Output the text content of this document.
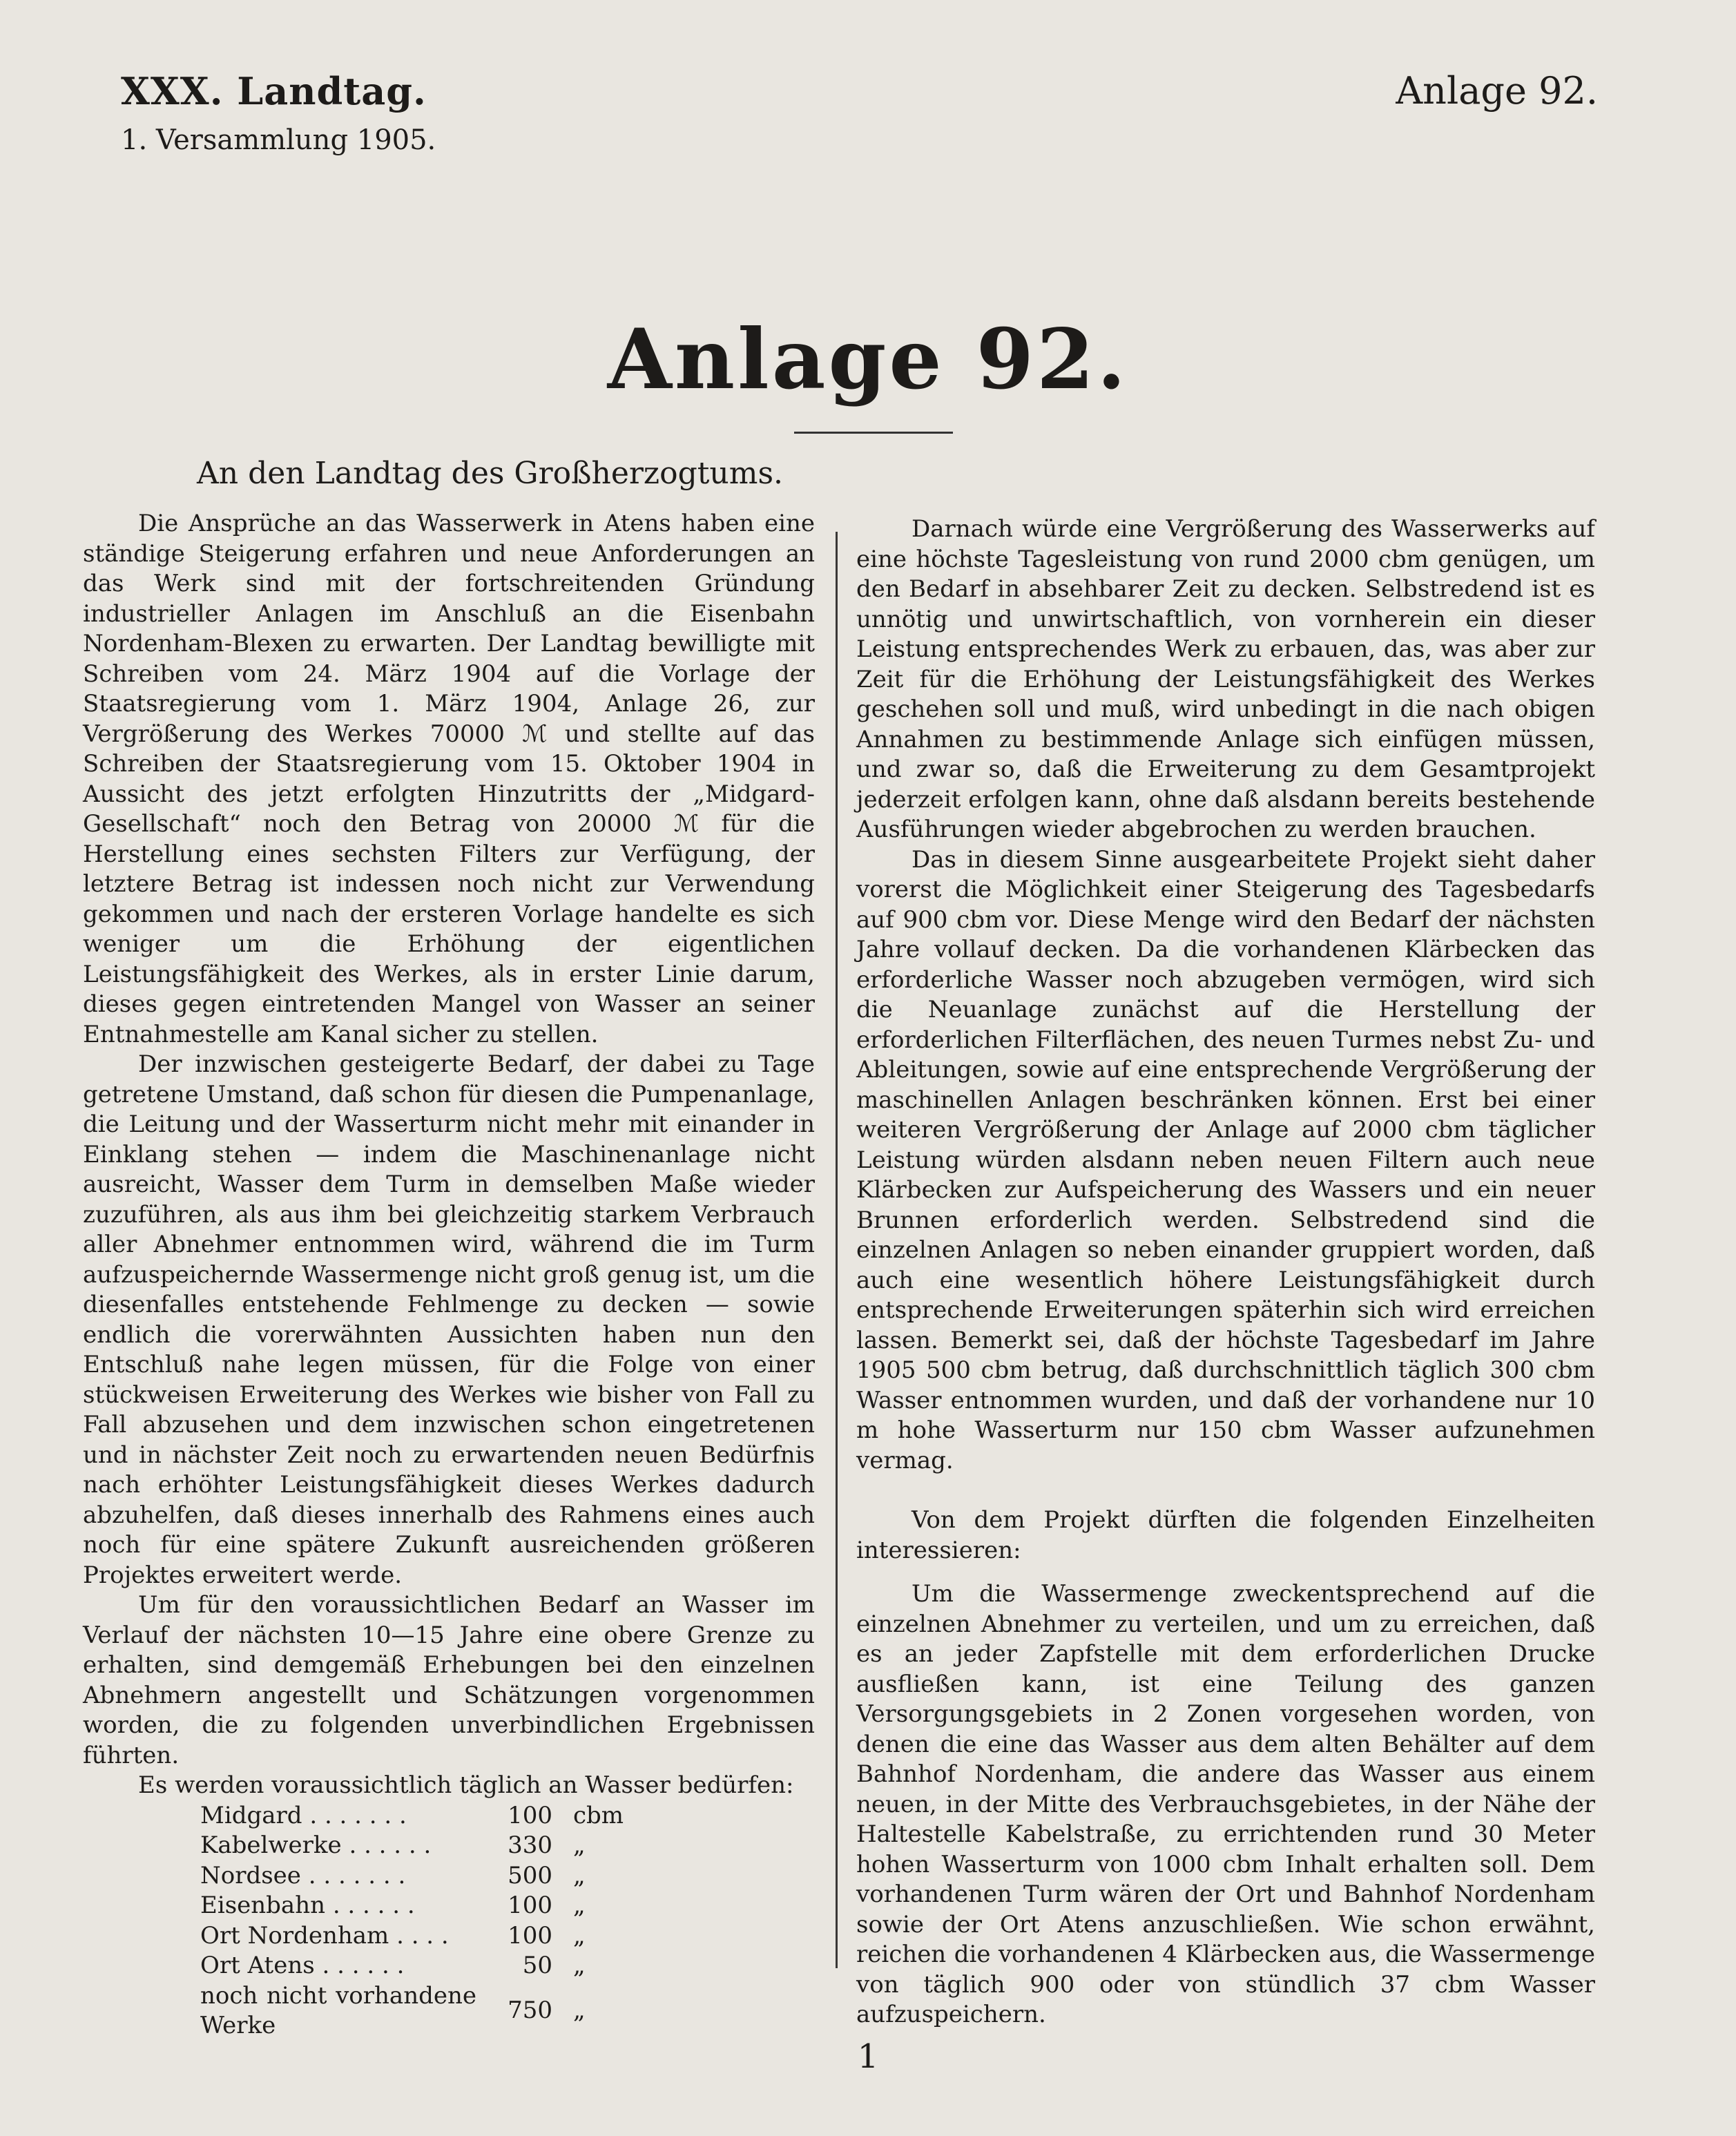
XXX. Landtag.
1. Versammlung 1905.
Anlage 92.
Anlage 92.
An den Landtag des Großherzogtums.

Die Ansprüche an das Wasserwerk in Atens haben eine ständige Steigerung erfahren und neue Anforderungen an das Werk sind mit der fortschreitenden Gründung industrieller Anlagen im Anschluß an die Eisenbahn Nordenham-Blexen zu erwarten. Der Landtag bewilligte mit Schreiben vom 24. März 1904 auf die Vorlage der Staatsregierung vom 1. März 1904, Anlage 26, zur Vergrößerung des Werkes 70000 ℳ und stellte auf das Schreiben der Staatsregierung vom 15. Oktober 1904 in Aussicht des jetzt erfolgten Hinzutritts der „Midgard-Gesellschaft“ noch den Betrag von 20000 ℳ für die Herstellung eines sechsten Filters zur Verfügung, der letztere Betrag ist indessen noch nicht zur Verwendung gekommen und nach der ersteren Vorlage handelte es sich weniger um die Erhöhung der eigentlichen Leistungsfähigkeit des Werkes, als in erster Linie darum, dieses gegen eintretenden Mangel von Wasser an seiner Entnahmestelle am Kanal sicher zu stellen.

Der inzwischen gesteigerte Bedarf, der dabei zu Tage getretene Umstand, daß schon für diesen die Pumpenanlage, die Leitung und der Wasserturm nicht mehr mit einander in Einklang stehen — indem die Maschinenanlage nicht ausreicht, Wasser dem Turm in demselben Maße wieder zuzuführen, als aus ihm bei gleichzeitig starkem Verbrauch aller Abnehmer entnommen wird, während die im Turm aufzuspeichernde Wassermenge nicht groß genug ist, um die diesenfalles entstehende Fehlmenge zu decken — sowie endlich die vorerwähnten Aussichten haben nun den Entschluß nahe legen müssen, für die Folge von einer stückweisen Erweiterung des Werkes wie bisher von Fall zu Fall abzusehen und dem inzwischen schon eingetretenen und in nächster Zeit noch zu erwartenden neuen Bedürfnis nach erhöhter Leistungsfähigkeit dieses Werkes dadurch abzuhelfen, daß dieses innerhalb des Rahmens eines auch noch für eine spätere Zukunft ausreichenden größeren Projektes erweitert werde.

Um für den voraussichtlichen Bedarf an Wasser im Verlauf der nächsten 10—15 Jahre eine obere Grenze zu erhalten, sind demgemäß Erhebungen bei den einzelnen Abnehmern angestellt und Schätzungen vorgenommen worden, die zu folgenden unverbindlichen Ergebnissen führten.

Es werden voraussichtlich täglich an Wasser bedürfen:

Midgard . . . . . . .	100	cbm
Kabelwerke . . . . . .	330	„
Nordsee . . . . . . .	500	„
Eisenbahn . . . . . .	100	„
Ort Nordenham . . . .	100	„
Ort Atens . . . . . .	50	„
noch nicht vorhandene Werke	750	„

Darnach würde eine Vergrößerung des Wasserwerks auf eine höchste Tagesleistung von rund 2000 cbm genügen, um den Bedarf in absehbarer Zeit zu decken. Selbstredend ist es unnötig und unwirtschaftlich, von vornherein ein dieser Leistung entsprechendes Werk zu erbauen, das, was aber zur Zeit für die Erhöhung der Leistungsfähigkeit des Werkes geschehen soll und muß, wird unbedingt in die nach obigen Annahmen zu bestimmende Anlage sich einfügen müssen, und zwar so, daß die Erweiterung zu dem Gesamtprojekt jederzeit erfolgen kann, ohne daß alsdann bereits bestehende Ausführungen wieder abgebrochen zu werden brauchen.

Das in diesem Sinne ausgearbeitete Projekt sieht daher vorerst die Möglichkeit einer Steigerung des Tagesbedarfs auf 900 cbm vor. Diese Menge wird den Bedarf der nächsten Jahre vollauf decken. Da die vorhandenen Klärbecken das erforderliche Wasser noch abzugeben vermögen, wird sich die Neuanlage zunächst auf die Herstellung der erforderlichen Filterflächen, des neuen Turmes nebst Zu- und Ableitungen, sowie auf eine entsprechende Vergrößerung der maschinellen Anlagen beschränken können. Erst bei einer weiteren Vergrößerung der Anlage auf 2000 cbm täglicher Leistung würden alsdann neben neuen Filtern auch neue Klärbecken zur Aufspeicherung des Wassers und ein neuer Brunnen erforderlich werden. Selbstredend sind die einzelnen Anlagen so neben einander gruppiert worden, daß auch eine wesentlich höhere Leistungsfähigkeit durch entsprechende Erweiterungen späterhin sich wird erreichen lassen. Bemerkt sei, daß der höchste Tagesbedarf im Jahre 1905 500 cbm betrug, daß durchschnittlich täglich 300 cbm Wasser entnommen wurden, und daß der vorhandene nur 10 m hohe Wasserturm nur 150 cbm Wasser aufzunehmen vermag.

Von dem Projekt dürften die folgenden Einzelheiten interessieren:

Um die Wassermenge zweckentsprechend auf die einzelnen Abnehmer zu verteilen, und um zu erreichen, daß es an jeder Zapfstelle mit dem erforderlichen Drucke ausfließen kann, ist eine Teilung des ganzen Versorgungsgebiets in 2 Zonen vorgesehen worden, von denen die eine das Wasser aus dem alten Behälter auf dem Bahnhof Nordenham, die andere das Wasser aus einem neuen, in der Mitte des Verbrauchsgebietes, in der Nähe der Haltestelle Kabelstraße, zu errichtenden rund 30 Meter hohen Wasserturm von 1000 cbm Inhalt erhalten soll. Dem vorhandenen Turm wären der Ort und Bahnhof Nordenham sowie der Ort Atens anzuschließen. Wie schon erwähnt, reichen die vorhandenen 4 Klärbecken aus, die Wassermenge von täglich 900 oder von stündlich 37 cbm Wasser aufzuspeichern.

1
